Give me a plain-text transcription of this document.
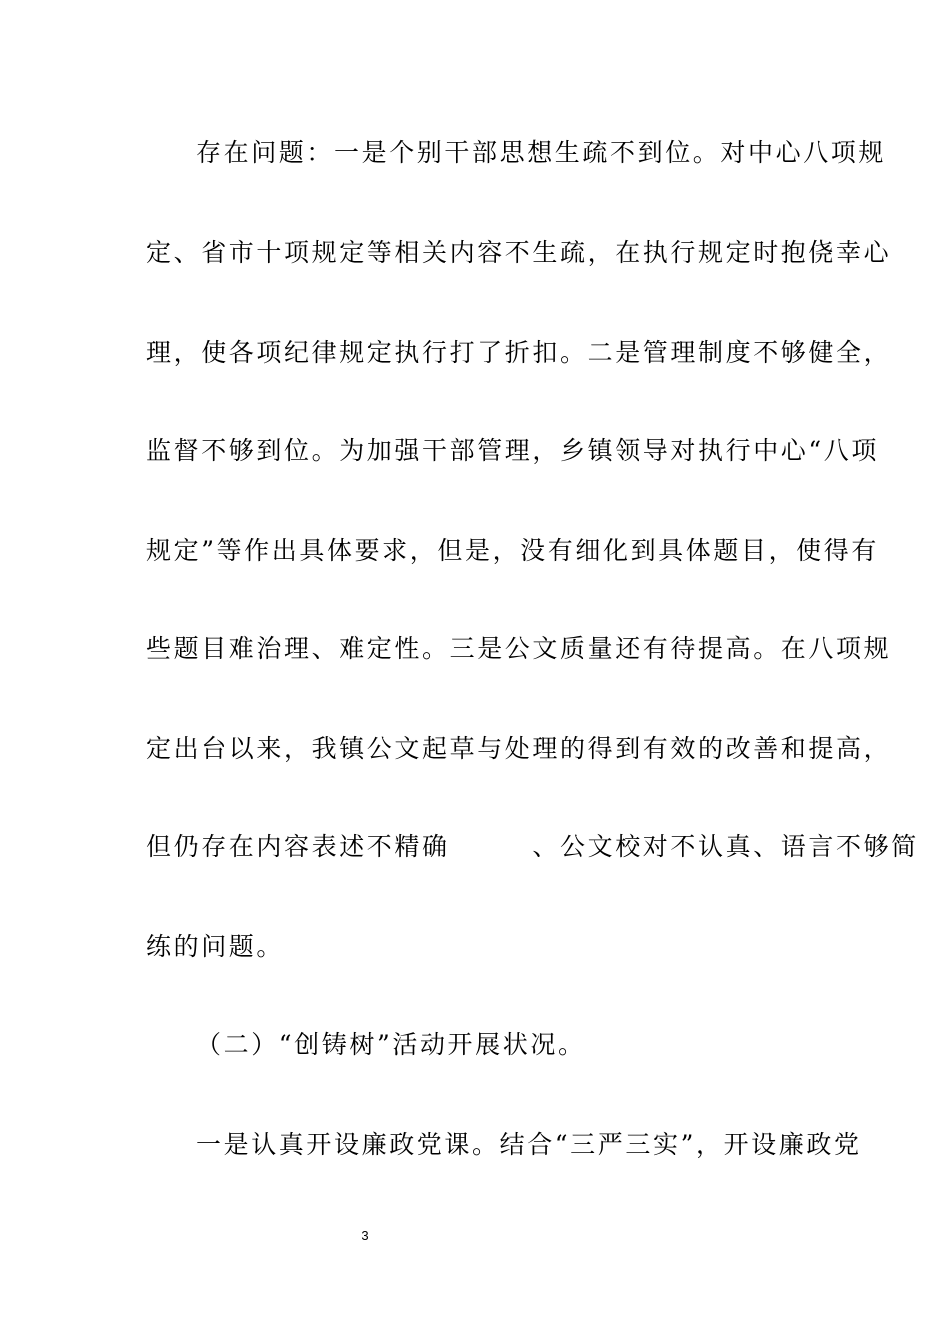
存在问题：一是个别干部思想生疏不到位。对中心八项规
定、省市十项规定等相关内容不生疏，在执行规定时抱侥幸心
理，使各项纪律规定执行打了折扣。二是管理制度不够健全，
监督不够到位。为加强干部管理，乡镇领导对执行中心“八项
规定”等作出具体要求，但是，没有细化到具体题目，使得有
些题目难治理、难定性。三是公文质量还有待提高。在八项规
定出台以来，我镇公文起草与处理的得到有效的改善和提高，
但仍存在内容表述不精确　　　、公文校对不认真、语言不够简
练的问题。
（二）“创铸树”活动开展状况。
一是认真开设廉政党课。结合“三严三实”，开设廉政党
3
